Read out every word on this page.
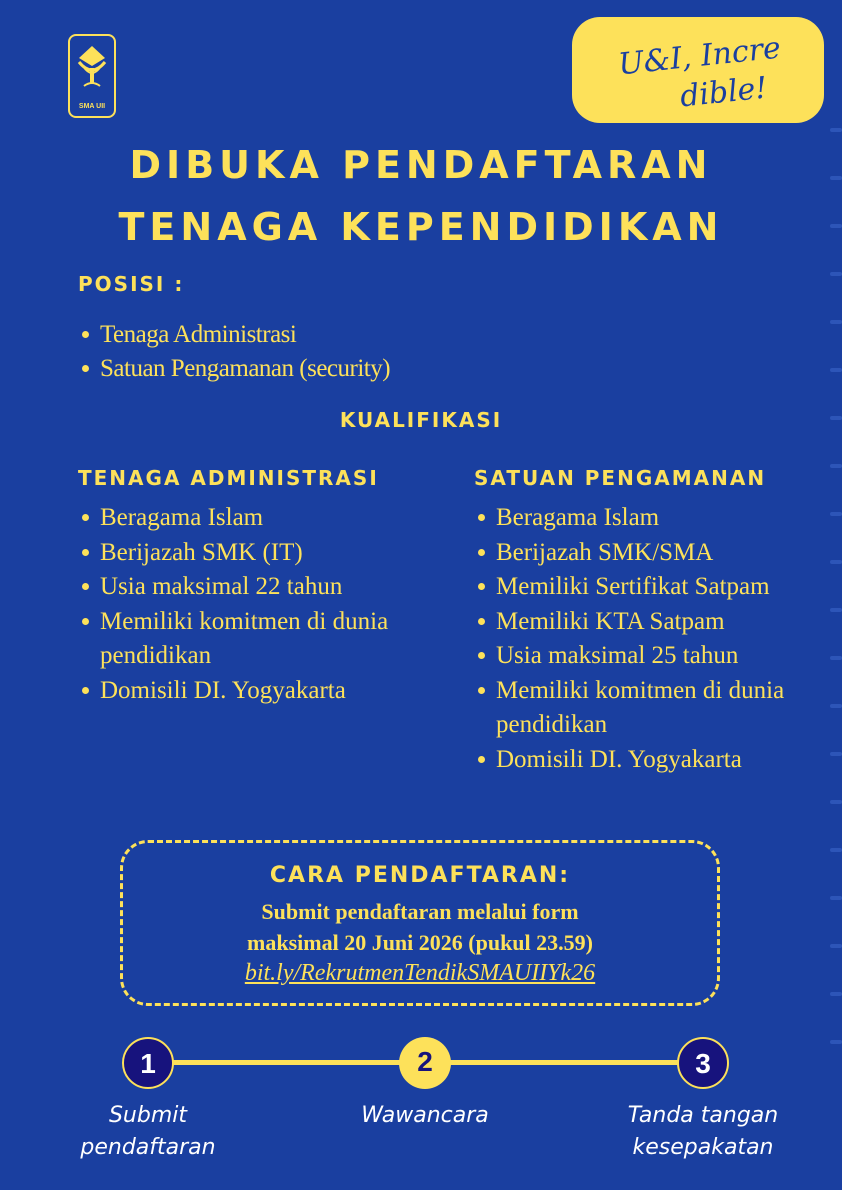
SMA UII
U&I, Incre
dible!
DIBUKA PENDAFTARAN
TENAGA KEPENDIDIKAN
POSISI :
Tenaga Administrasi
Satuan Pengamanan (security)
KUALIFIKASI
TENAGA ADMINISTRASI
Beragama Islam
Berijazah SMK (IT)
Usia maksimal 22 tahun
Memiliki komitmen di dunia pendidikan
Domisili DI. Yogyakarta
SATUAN PENGAMANAN
Beragama Islam
Berijazah SMK/SMA
Memiliki Sertifikat Satpam
Memiliki KTA Satpam
Usia maksimal 25 tahun
Memiliki komitmen di dunia pendidikan
Domisili DI. Yogyakarta
CARA PENDAFTARAN:
Submit pendaftaran melalui form
maksimal 20 Juni 2026 (pukul 23.59)
bit.ly/RekrutmenTendikSMAUIIYk26
1	2	3
Submit pendaftaran
Wawancara	Tanda tangan kesepakatan
